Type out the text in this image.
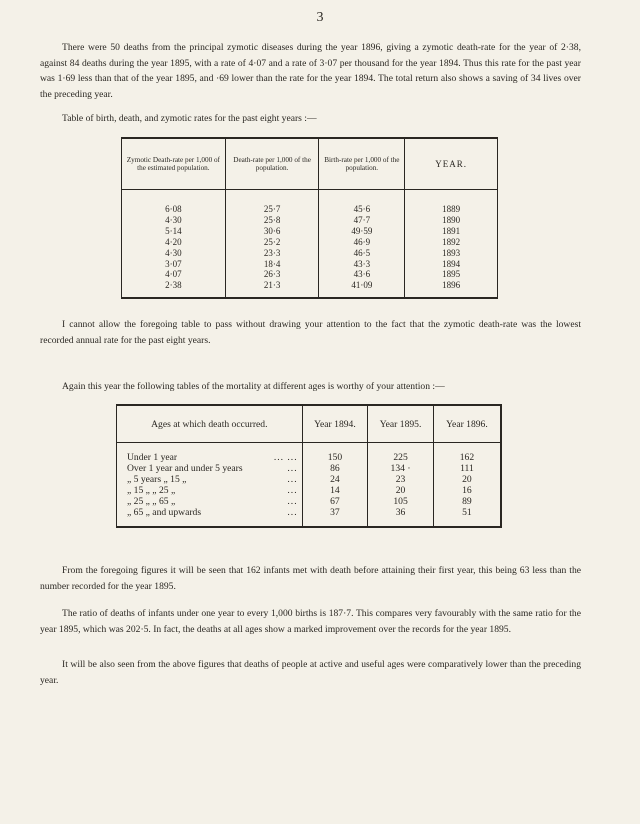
3

There were 50 deaths from the principal zymotic diseases during the year 1896, giving a zymotic death-rate for the year of 2·38, against 84 deaths during the year 1895, with a rate of 4·07 and a rate of 3·07 per thousand for the year 1894. Thus this rate for the past year was 1·69 less than that of the year 1895, and ·69 lower than the rate for the year 1894. The total return also shows a saving of 34 lives over the preceding year.

Table of birth, death, and zymotic rates for the past eight years :—

Zymotic Death-rate per 1,000 of the estimated population.	Death-rate per 1,000 of the population.	Birth-rate per 1,000 of the population.	YEAR.

6·08	25·7	45·6	1889
4·30	25·8	47·7	1890
5·14	30·6	49·59	1891
4·20	25·2	46·9	1892
4·30	23·3	46·5	1893
3·07	18·4	43·3	1894
4·07	26·3	43·6	1895
2·38	21·3	41·09	1896

I cannot allow the foregoing table to pass without drawing your attention to the fact that the zymotic death-rate was the lowest recorded annual rate for the past eight years.

Again this year the following tables of the mortality at different ages is worthy of your attention :—

Ages at which death occurred.	Year 1894.	Year 1895.	Year 1896.

Under 1 year ... ...	150	225	162

Over 1 year and under 5 years ...	86	134 ·	111

„ 5 years „ 15 „ ...	24	23	20

„ 15 „ „ 25 „ ...	14	20	16

„ 25 „ „ 65 „ ...	67	105	89

„ 65 „ and upwards ...	37	36	51

From the foregoing figures it will be seen that 162 infants met with death before attaining their first year, this being 63 less than the number recorded for the year 1895.

The ratio of deaths of infants under one year to every 1,000 births is 187·7. This compares very favourably with the same ratio for the year 1895, which was 202·5. In fact, the deaths at all ages show a marked improvement over the records for the year 1895.

It will be also seen from the above figures that deaths of people at active and useful ages were comparatively lower than the preceding year.
